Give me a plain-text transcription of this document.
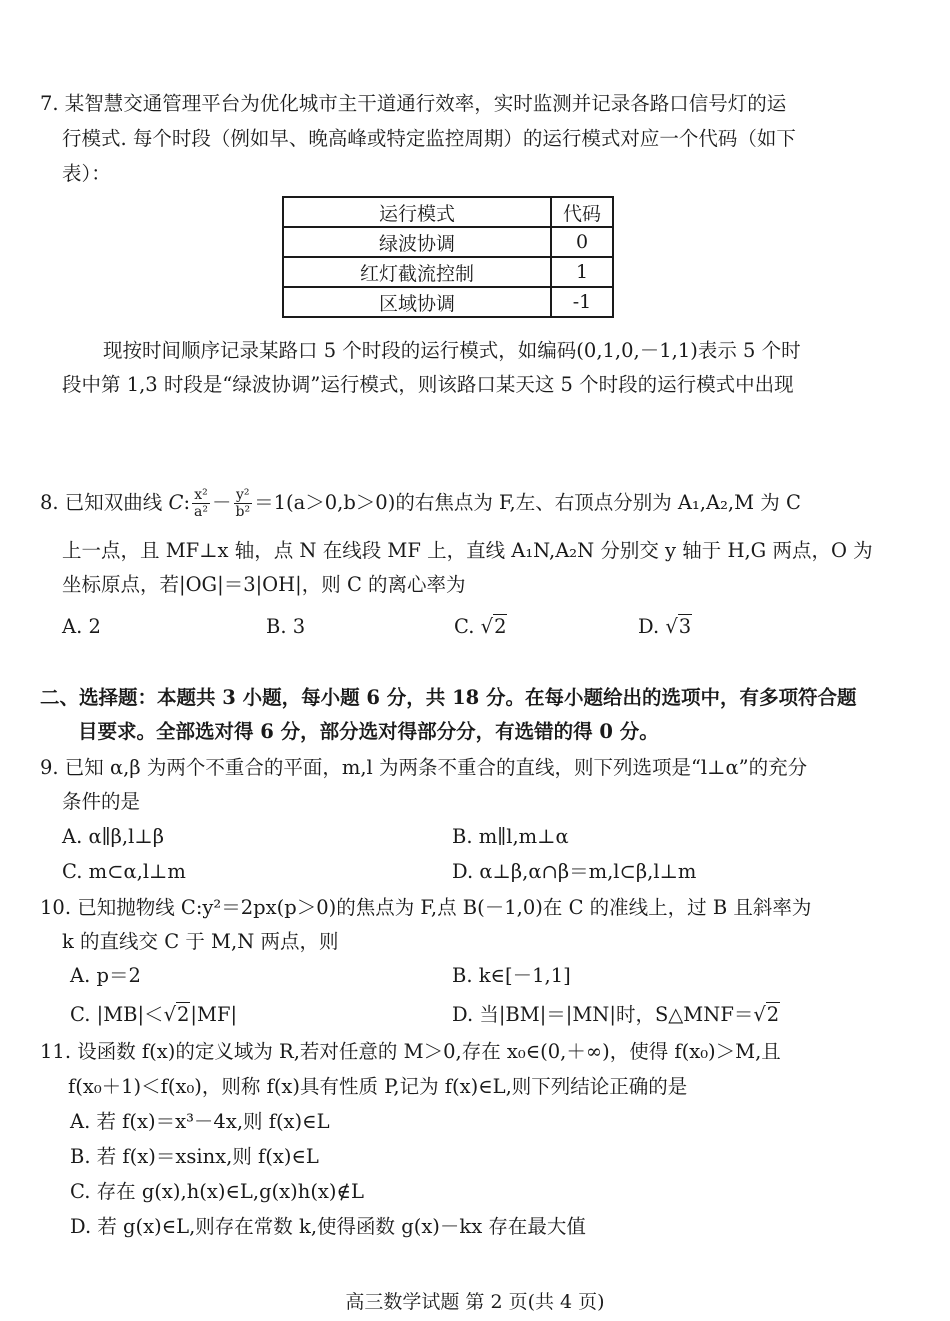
7. 某智慧交通管理平台为优化城市主干道通行效率，实时监测并记录各路口信号灯的运
行模式. 每个时段（例如早、晚高峰或特定监控周期）的运行模式对应一个代码（如下
表）：
运行模式	代码
绿波协调	0
红灯截流控制	1
区域协调	-1
现按时间顺序记录某路口 5 个时段的运行模式，如编码(0,1,0,－1,1)表示 5 个时
段中第 1,3 时段是“绿波协调”运行模式，则该路口某天这 5 个时段的运行模式中出现
8. 已知双曲线 C: $\frac{\text{x²}}{\text{a²}} - \frac{\text{y²}}{\text{b²}} =1(a>0,b>0)$的右焦点为 F,左、右顶点分别为 A₁,A₂,M 为 C
上一点，且 MF⊥x 轴，点 N 在线段 MF 上，直线 A₁N,A₂N 分别交 y 轴于 H,G 两点，O 为
坐标原点，若|OG|＝3|OH|，则 C 的离心率为
A. 2	B. 3	C. √2	D. √3
二、选择题：本题共 3 小题，每小题 6 分，共 18 分。在每小题给出的选项中，有多项符合题
目要求。全部选对得 6 分，部分选对得部分分，有选错的得 0 分。
9. 已知 α,β 为两个不重合的平面，m,l 为两条不重合的直线，则下列选项是“l⊥α”的充分
条件的是
A. α∥β,l⊥β	B. m∥l,m⊥α
C. m⊂α,l⊥m	D. α⊥β,α∩β＝m,l⊂β,l⊥m
10. 已知抛物线 C:y²＝2px(p＞0)的焦点为 F,点 B(－1,0)在 C 的准线上，过 B 且斜率为
k 的直线交 C 于 M,N 两点，则
A. p＝2	B. k∈[－1,1]
C. |MB|＜√2|MF|	D. 当|BM|＝|MN|时，S△MNF＝√2
11. 设函数 f(x)的定义域为 R,若对任意的 M＞0,存在 x₀∈(0,＋∞)，使得 f(x₀)＞M,且
f(x₀＋1)＜f(x₀)，则称 f(x)具有性质 P,记为 f(x)∈L,则下列结论正确的是
A. 若 f(x)＝x³－4x,则 f(x)∈L
B. 若 f(x)＝xsinx,则 f(x)∈L
C. 存在 g(x),h(x)∈L,g(x)h(x)∉L
D. 若 g(x)∈L,则存在常数 k,使得函数 g(x)－kx 存在最大值
高三数学试题 第 2 页(共 4 页)
